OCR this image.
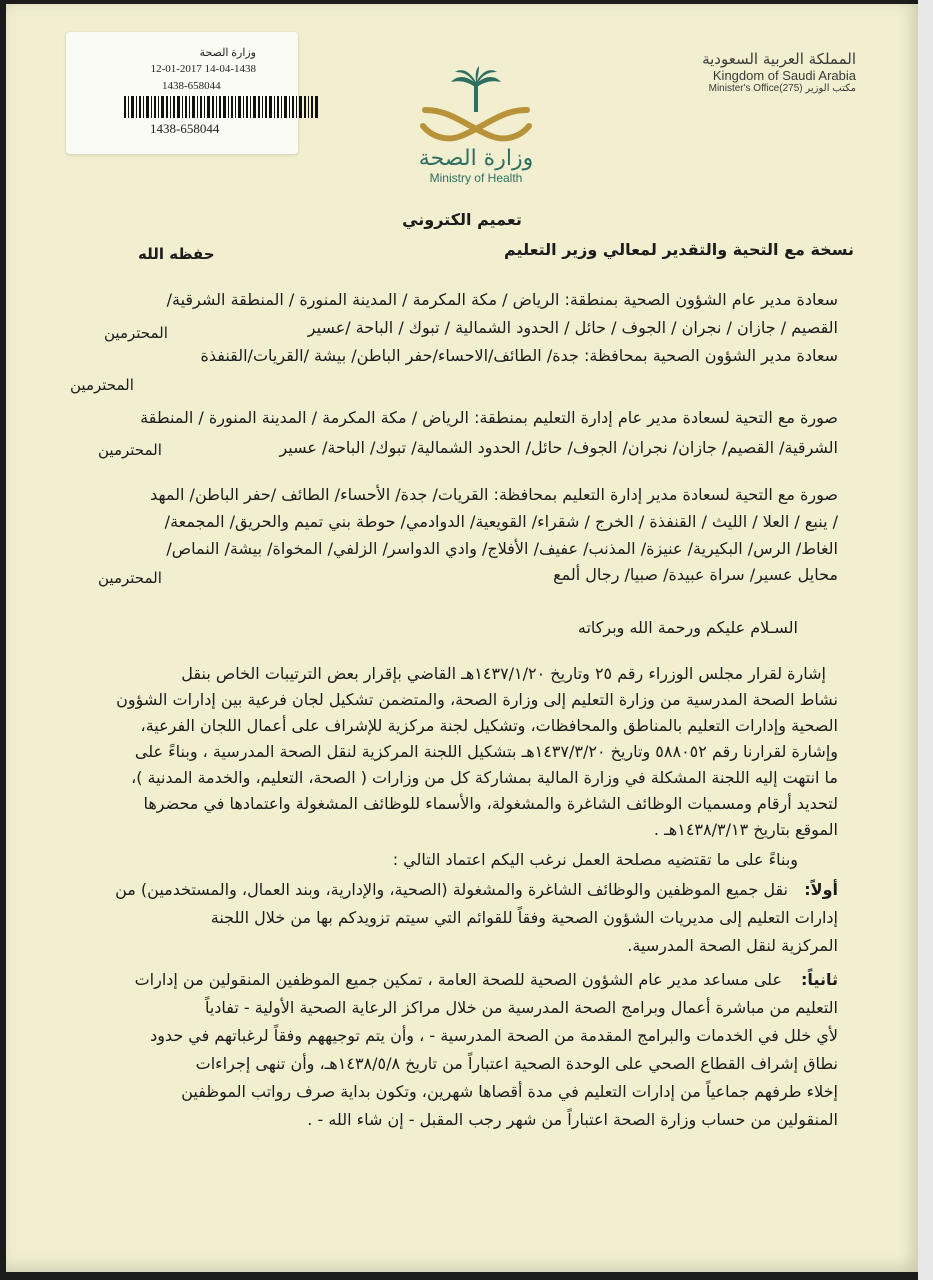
وزارة الصحة
12-01-2017 14-04-1438
1438-658044
1438-658044
وزارة الصحة
Ministry of Health
المملكة العربية السعودية
Kingdom of Saudi Arabia
Minister's Office(275) مكتب الوزير
تعميم الكتروني
نسخة مع التحية والتقدير لمعالي وزير التعليم
حفظه الله
سعادة مدير عام الشؤون الصحية بمنطقة: الرياض / مكة المكرمة / المدينة المنورة / المنطقة الشرقية/
القصيم / جازان / نجران / الجوف / حائل / الحدود الشمالية / تبوك / الباحة /عسير
المحترمين
سعادة مدير الشؤون الصحية بمحافظة: جدة/ الطائف/الاحساء/حفر الباطن/ بيشة /القريات/القنفذة
المحترمين
صورة مع التحية لسعادة مدير عام إدارة التعليم بمنطقة: الرياض / مكة المكرمة / المدينة المنورة / المنطقة
الشرقية/ القصيم/ جازان/ نجران/ الجوف/ حائل/ الحدود الشمالية/ تبوك/ الباحة/ عسير
المحترمين
صورة مع التحية لسعادة مدير إدارة التعليم بمحافظة: القريات/ جدة/ الأحساء/ الطائف /حفر الباطن/ المهد
/ ينبع / العلا / الليث / القنفذة / الخرج / شقراء/ القويعية/ الدوادمي/ حوطة بني تميم والحريق/ المجمعة/
الغاط/ الرس/ البكيرية/ عنيزة/ المذنب/ عفيف/ الأفلاج/ وادي الدواسر/ الزلفي/ المخواة/ بيشة/ النماص/
محايل عسير/ سراة عبيدة/ صبيا/ رجال ألمع
المحترمين
السـلام عليكم ورحمة الله وبركاته
إشارة لقرار مجلس الوزراء رقم ٢٥ وتاريخ ١٤٣٧/١/٢٠هـ القاضي بإقرار بعض الترتيبات الخاص بنقل
نشاط الصحة المدرسية من وزارة التعليم إلى وزارة الصحة، والمتضمن تشكيل لجان فرعية بين إدارات الشؤون
الصحية وإدارات التعليم بالمناطق والمحافظات، وتشكيل لجنة مركزية للإشراف على أعمال اللجان الفرعية،
وإشارة لقرارنا رقم ٥٨٨٠٥٢ وتاريخ ١٤٣٧/٣/٢٠هـ بتشكيل اللجنة المركزية لنقل الصحة المدرسية ، وبناءً على
ما انتهت إليه اللجنة المشكلة في وزارة المالية بمشاركة كل من وزارات ( الصحة، التعليم، والخدمة المدنية )،
لتحديد أرقام ومسميات الوظائف الشاغرة والمشغولة، والأسماء للوظائف المشغولة واعتمادها في محضرها
الموقع بتاريخ ١٤٣٨/٣/١٣هـ .
وبناءً على ما تقتضيه مصلحة العمل نرغب اليكم اعتماد التالي :
أولاً:
نقل جميع الموظفين والوظائف الشاغرة والمشغولة (الصحية، والإدارية، وبند العمال، والمستخدمين) من
إدارات التعليم إلى مديريات الشؤون الصحية وفقاً للقوائم التي سيتم تزويدكم بها من خلال اللجنة
المركزية لنقل الصحة المدرسية.
ثانياً:
على مساعد مدير عام الشؤون الصحية للصحة العامة ، تمكين جميع الموظفين المنقولين من إدارات
التعليم من مباشرة أعمال وبرامج الصحة المدرسية من خلال مراكز الرعاية الصحية الأولية - تفادياً
لأي خلل في الخدمات والبرامج المقدمة من الصحة المدرسية - ، وأن يتم توجيههم وفقاً لرغباتهم في حدود
نطاق إشراف القطاع الصحي على الوحدة الصحية اعتباراً من تاريخ ١٤٣٨/٥/٨هـ، وأن تنهى إجراءات
إخلاء طرفهم جماعياً من إدارات التعليم في مدة أقصاها شهرين، وتكون بداية صرف رواتب الموظفين
المنقولين من حساب وزارة الصحة اعتباراً من شهر رجب المقبل - إن شاء الله - .
